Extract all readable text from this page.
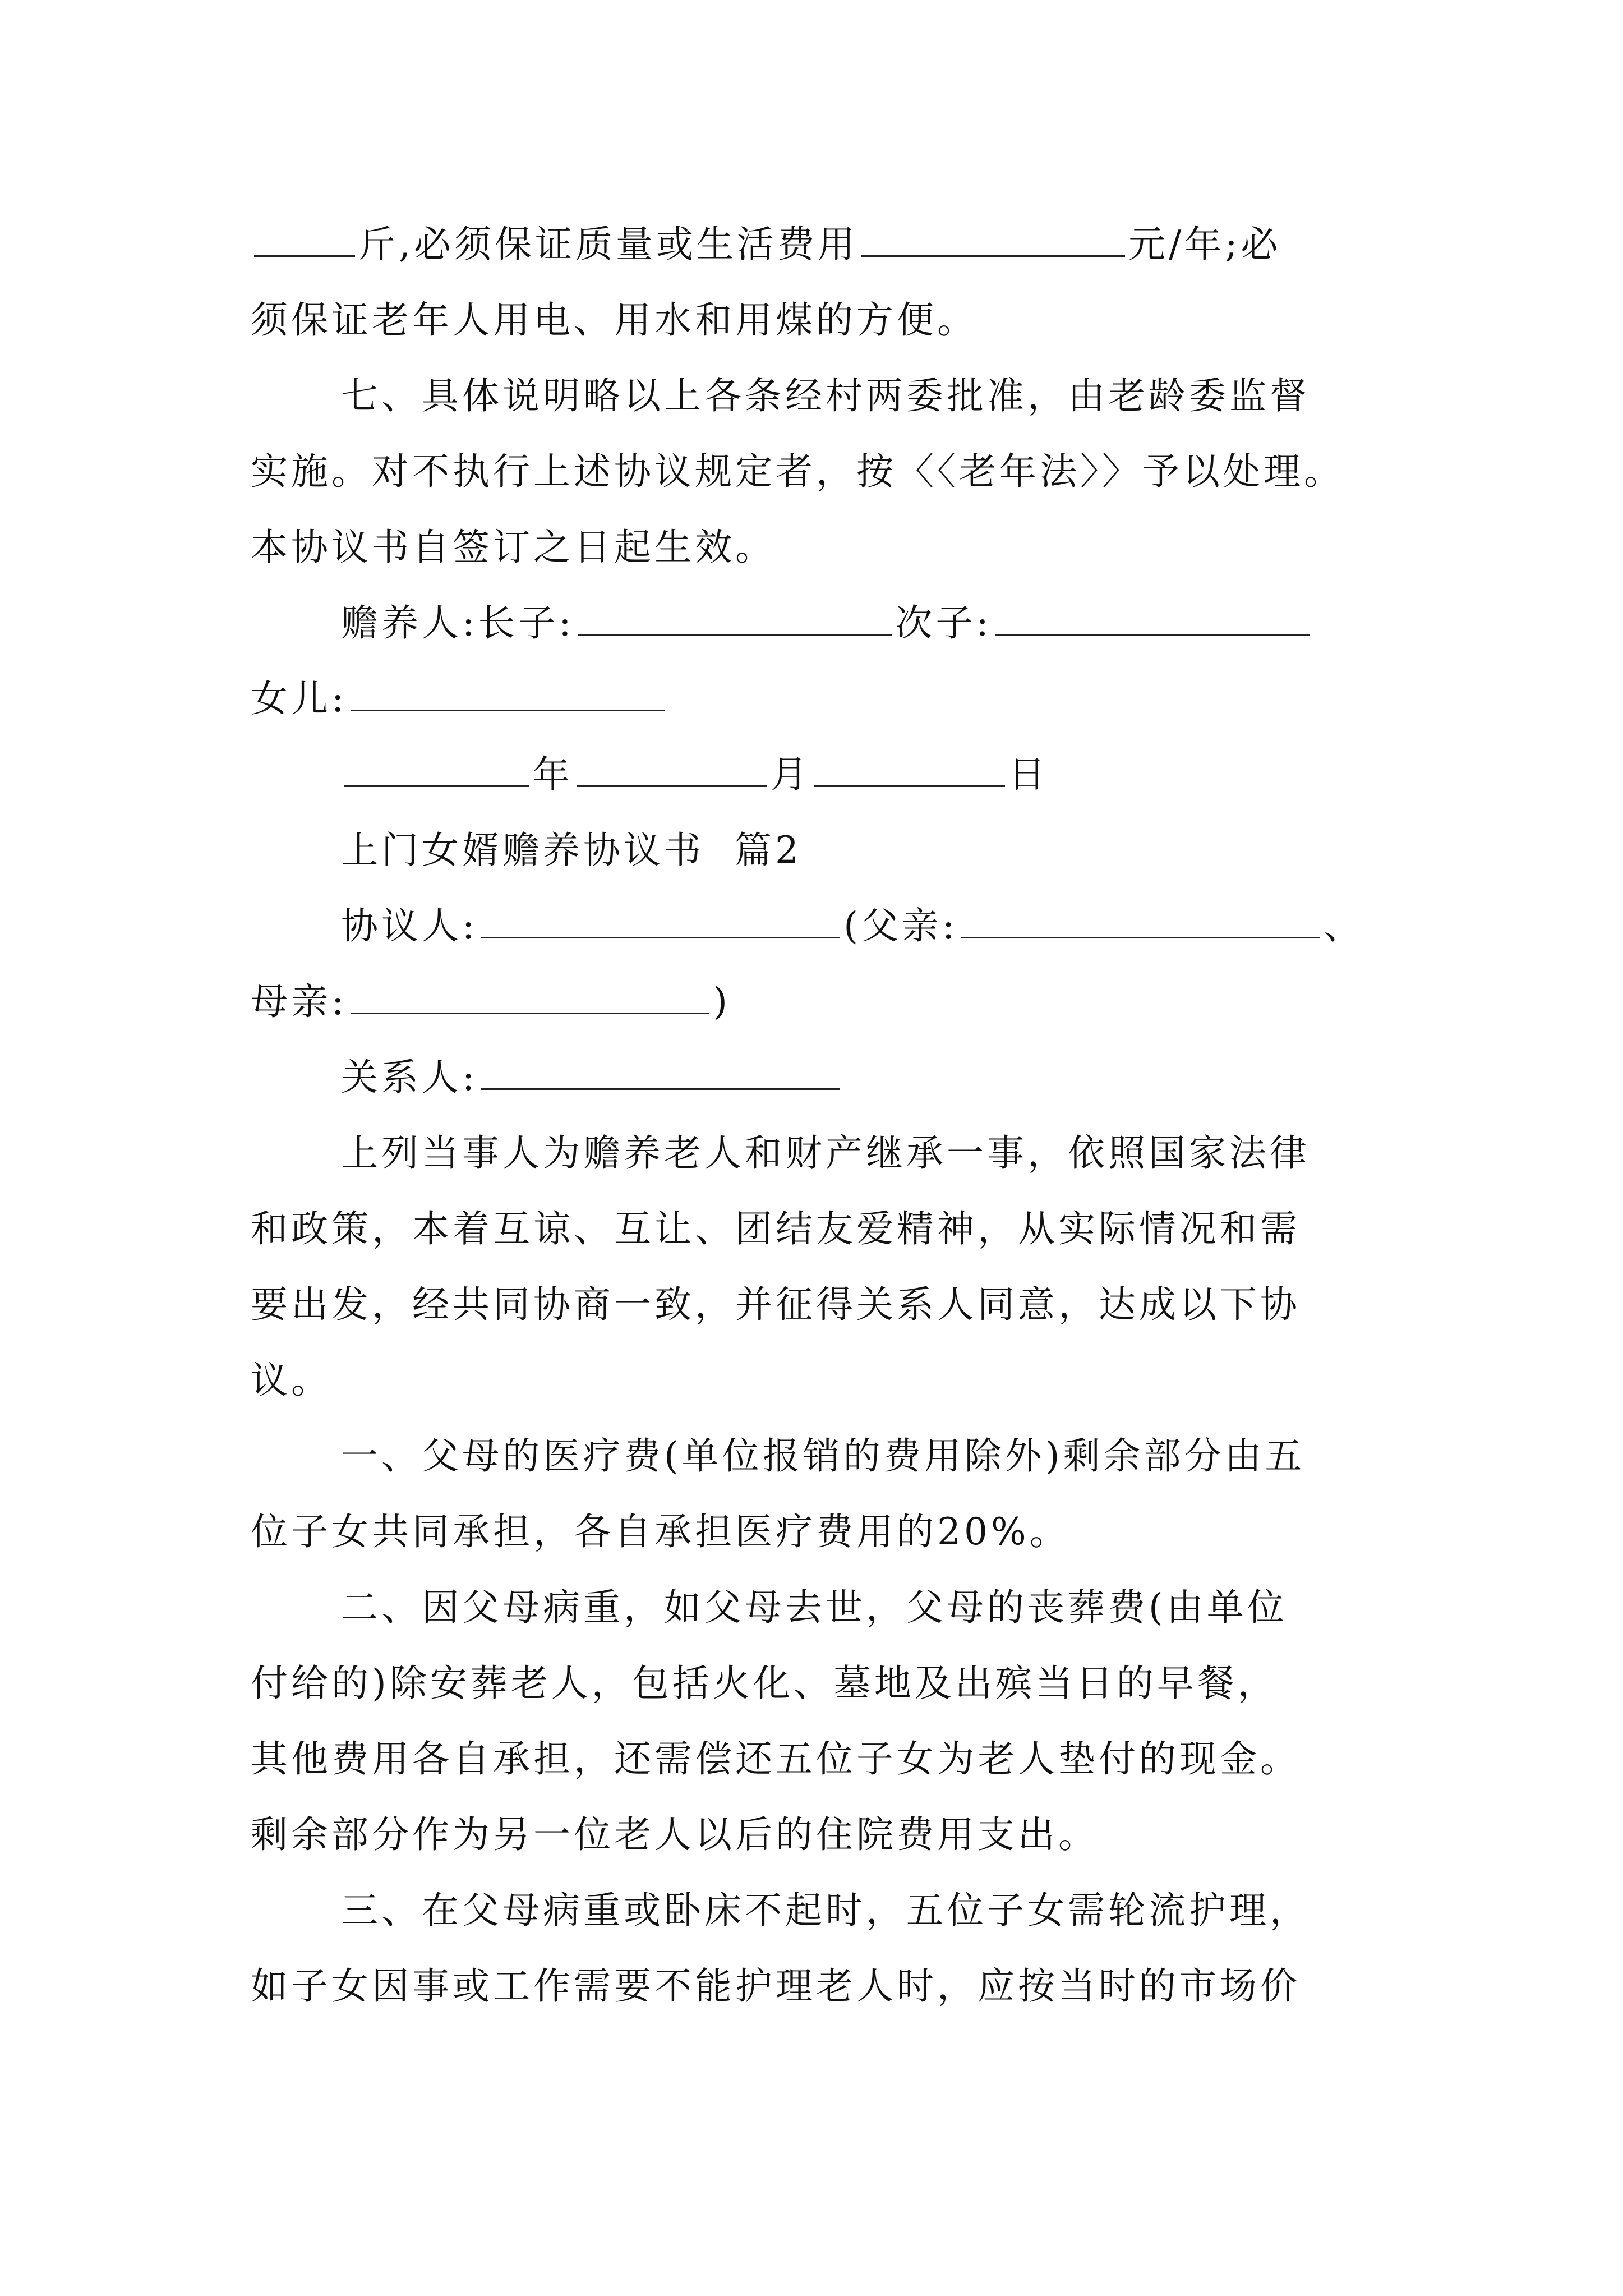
斤,必须保证质量或生活费用	元/年;必
须保证老年人用电、用水和用煤的方便。
七、具体说明略以上各条经村两委批准，由老龄委监督
实施。对不执行上述协议规定者，按〈〈老年法〉〉予以处理。
本协议书自签订之日起生效。
赡养人:长子:	次子:
女儿:
年	月	日
上门女婿赡养协议书  篇2
协议人:	(父亲:	、
母亲:	)
关系人:
上列当事人为赡养老人和财产继承一事，依照国家法律
和政策，本着互谅、互让、团结友爱精神，从实际情况和需
要出发，经共同协商一致，并征得关系人同意，达成以下协
议。
一、父母的医疗费(单位报销的费用除外)剩余部分由五
位子女共同承担，各自承担医疗费用的20%。
二、因父母病重，如父母去世，父母的丧葬费(由单位
付给的)除安葬老人，包括火化、墓地及出殡当日的早餐，
其他费用各自承担，还需偿还五位子女为老人垫付的现金。
剩余部分作为另一位老人以后的住院费用支出。
三、在父母病重或卧床不起时，五位子女需轮流护理，
如子女因事或工作需要不能护理老人时，应按当时的市场价
